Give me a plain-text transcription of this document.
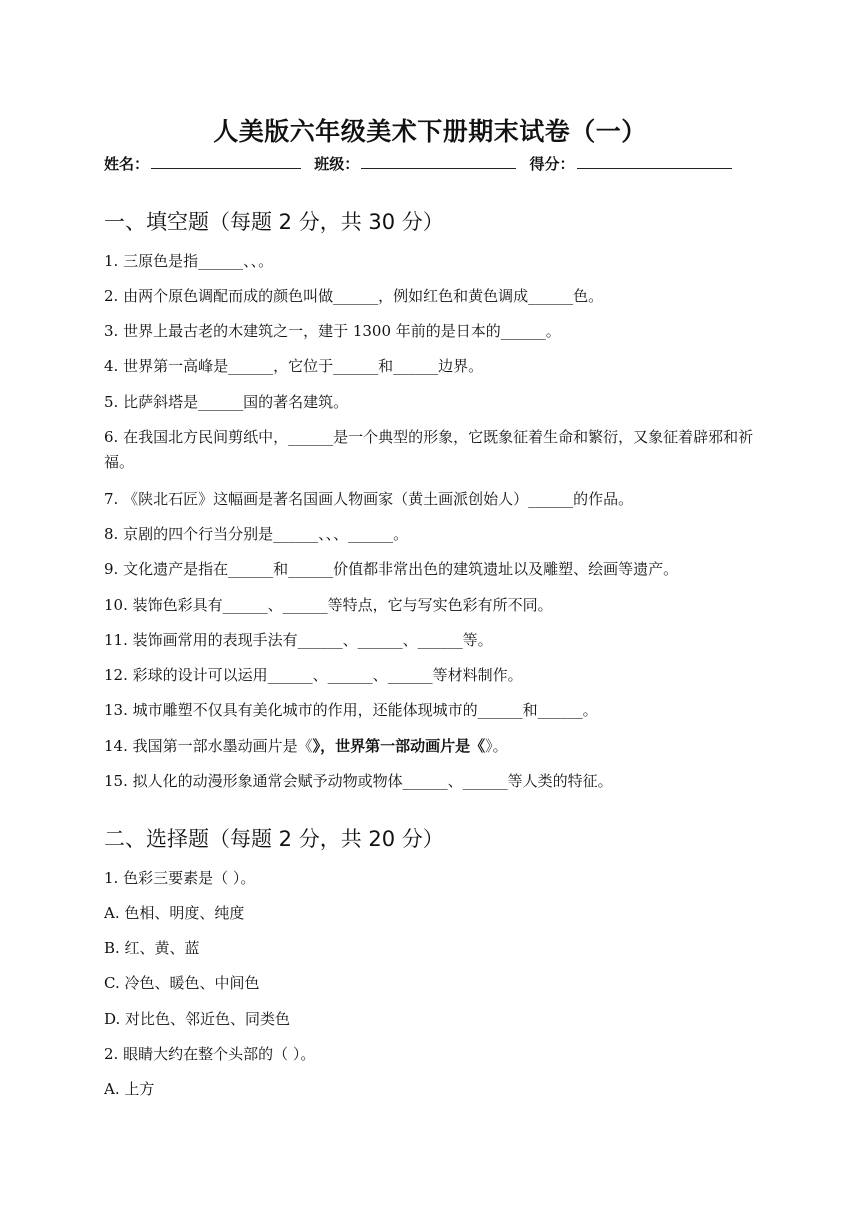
人美版六年级美术下册期末试卷（一）
姓名：	班级：	得分：
一、填空题（每题 2 分，共 30 分）
1. 三原色是指______、、。
2. 由两个原色调配而成的颜色叫做______，例如红色和黄色调成______色。
3. 世界上最古老的木建筑之一，建于 1300 年前的是日本的______。
4. 世界第一高峰是______，它位于______和______边界。
5. 比萨斜塔是______国的著名建筑。
6. 在我国北方民间剪纸中，______是一个典型的形象，它既象征着生命和繁衍，又象征着辟邪和祈福。
7. 《陕北石匠》这幅画是著名国画人物画家（黄土画派创始人）______的作品。
8. 京剧的四个行当分别是______、、、______。
9. 文化遗产是指在______和______价值都非常出色的建筑遗址以及雕塑、绘画等遗产。
10. 装饰色彩具有______、______等特点，它与写实色彩有所不同。
11. 装饰画常用的表现手法有______、______、______等。
12. 彩球的设计可以运用______、______、______等材料制作。
13. 城市雕塑不仅具有美化城市的作用，还能体现城市的______和______。
14. 我国第一部水墨动画片是《》，世界第一部动画片是《》。
15. 拟人化的动漫形象通常会赋予动物或物体______、______等人类的特征。
二、选择题（每题 2 分，共 20 分）
1. 色彩三要素是（ ）。
A. 色相、明度、纯度
B. 红、黄、蓝
C. 冷色、暖色、中间色
D. 对比色、邻近色、同类色
2. 眼睛大约在整个头部的（ ）。
A. 上方
